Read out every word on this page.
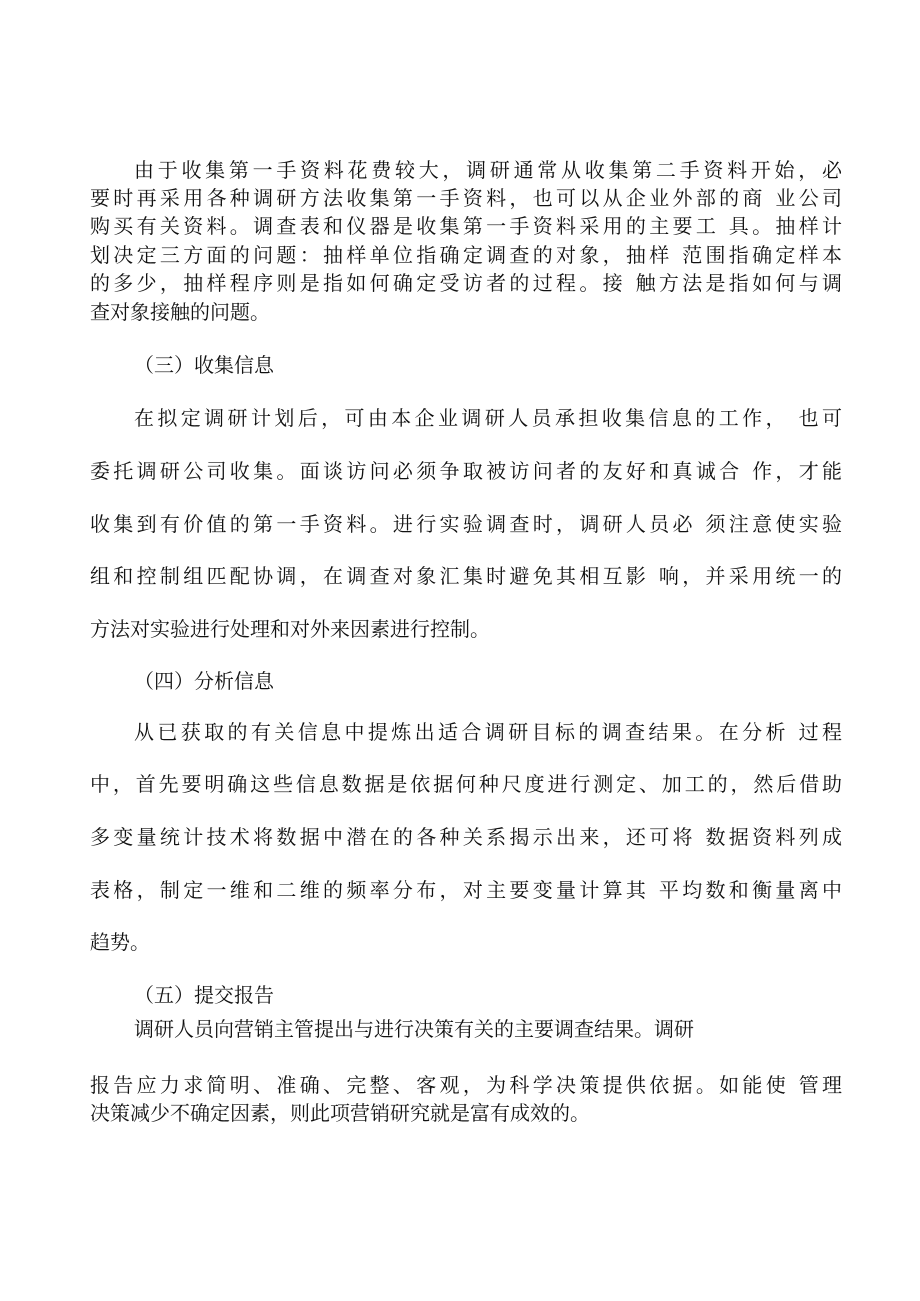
由于收集第一手资料花费较大，调研通常从收集第二手资料开始，必
要时再采用各种调研方法收集第一手资料，也可以从企业外部的商 业公司
购买有关资料。调查表和仪器是收集第一手资料采用的主要工 具。抽样计
划决定三方面的问题：抽样单位指确定调查的对象，抽样 范围指确定样本
的多少，抽样程序则是指如何确定受访者的过程。接 触方法是指如何与调
查对象接触的问题。
（三）收集信息
在拟定调研计划后，可由本企业调研人员承担收集信息的工作， 也可
委托调研公司收集。面谈访问必须争取被访问者的友好和真诚合 作，才能
收集到有价值的第一手资料。进行实验调查时，调研人员必 须注意使实验
组和控制组匹配协调，在调查对象汇集时避免其相互影 响，并采用统一的
方法对实验进行处理和对外来因素进行控制。
（四）分析信息
从已获取的有关信息中提炼出适合调研目标的调查结果。在分析 过程
中，首先要明确这些信息数据是依据何种尺度进行测定、加工的，然后借助
多变量统计技术将数据中潜在的各种关系揭示出来，还可将 数据资料列成
表格，制定一维和二维的频率分布，对主要变量计算其 平均数和衡量离中
趋势。
（五）提交报告
调研人员向营销主管提出与进行决策有关的主要调查结果。调研
报告应力求简明、准确、完整、客观，为科学决策提供依据。如能使 管理
决策减少不确定因素，则此项营销研究就是富有成效的。
